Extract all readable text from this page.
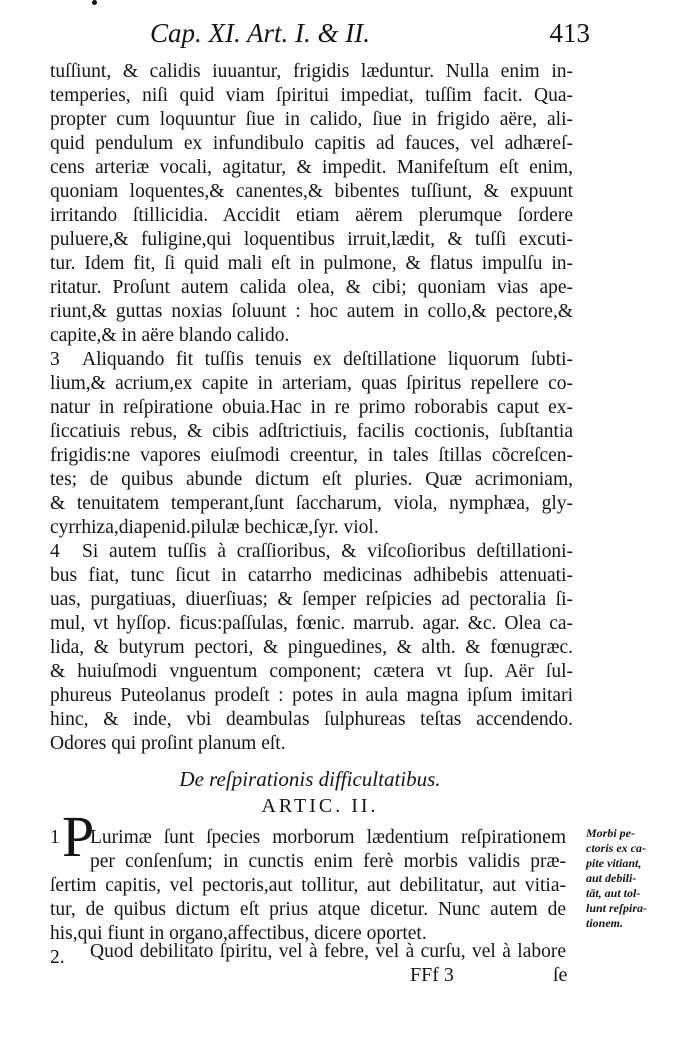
Cap. XI. Art. I. & II.	413
tuſſiunt, & calidis iuuantur, frigidis læduntur. Nulla enim in-
temperies, niſi quid viam ſpiritui impediat, tuſſim facit. Qua-
propter cum loquuntur ſiue in calido, ſiue in frigido aëre, ali-
quid pendulum ex infundibulo capitis ad fauces, vel adhæreſ-
cens arteriæ vocali, agitatur, & impedit. Manifeſtum eſt enim,
quoniam loquentes,& canentes,& bibentes tuſſiunt, & expuunt
irritando ſtillicidia. Accidit etiam aërem plerumque ſordere
puluere,& fuligine,qui loquentibus irruit,lædit, & tuſſi excuti-
tur. Idem fit, ſi quid mali eſt in pulmone, & flatus impulſu in-
ritatur. Proſunt autem calida olea, & cibi; quoniam vias ape-
riunt,& guttas noxias ſoluunt : hoc autem in collo,& pectore,&
capite,& in aëre blando calido.
3 Aliquando fit tuſſis tenuis ex deſtillatione liquorum ſubti-
lium,& acrium,ex capite in arteriam, quas ſpiritus repellere co-
natur in reſpiratione obuia.Hac in re primo roborabis caput ex-
ſiccatiuis rebus, & cibis adſtrictiuis, facilis coctionis, ſubſtantia
frigidis:ne vapores eiuſmodi creentur, in tales ſtillas cõcreſcen-
tes; de quibus abunde dictum eſt pluries. Quæ acrimoniam,
& tenuitatem temperant,ſunt ſaccharum, viola, nymphæa, gly-
cyrrhiza,diapenid.pilulæ bechicæ,ſyr. viol.
4 Si autem tuſſis à craſſioribus, & viſcoſioribus deſtillationi-
bus fiat, tunc ſicut in catarrho medicinas adhibebis attenuati-
uas, purgatiuas, diuerſiuas; & ſemper reſpicies ad pectoralia ſi-
mul, vt hyſſop. ficus:paſſulas, fœnic. marrub. agar. &c. Olea ca-
lida, & butyrum pectori, & pinguedines, & alth. & fœnugræc.
& huiuſmodi vnguentum component; cætera vt ſup. Aër ſul-
phureus Puteolanus prodeſt : potes in aula magna ipſum imitari
hinc, & inde, vbi deambulas ſulphureas teſtas accendendo.
Odores qui proſint planum eſt.
De reſpirationis difficultatibus.
ARTIC. II.
1 P
Lurimæ ſunt ſpecies morborum lædentium reſpirationem
per conſenſum; in cunctis enim ferè morbis validis præ-
ſertim capitis, vel pectoris,aut tollitur, aut debilitatur, aut vitia-
tur, de quibus dictum eſt prius atque dicetur. Nunc autem de
his,qui fiunt in organo,affectibus, dicere oportet.
2. Quod debilitato ſpiritu, vel à febre, vel à curſu, vel à labore
Morbi pe-
ctoris ex ca-
pite vitiant,
aut debili-
tāt, aut tol-
lunt reſpira-
tionem.
FFf 3	ſe
